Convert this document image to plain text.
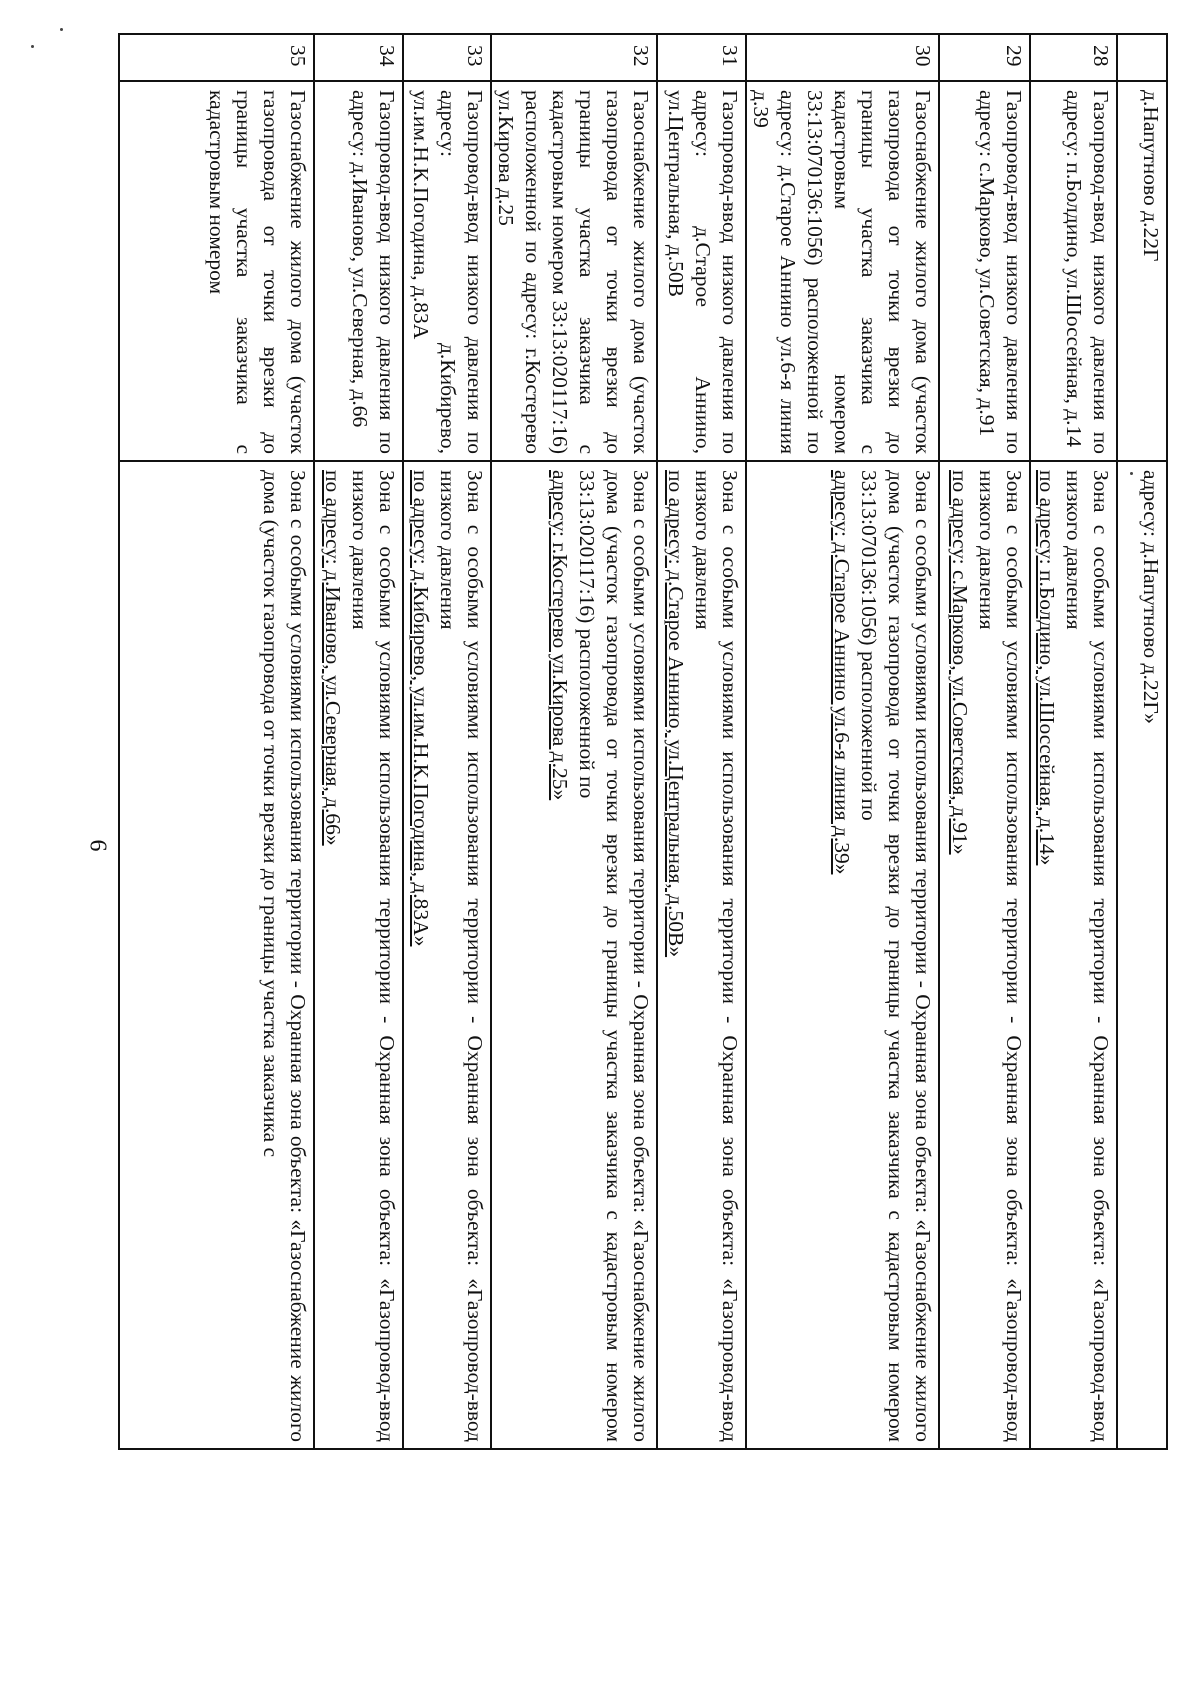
6
	д.Напутново д.22Г	адресу: д.Напутново д.22Г»
28	Газопровод-ввод низкого давления по адресу: п.Болдино, ул.Шоссейная, д.14	Зона с особыми условиями использования территории - Охранная зона объекта: «Газопровод-ввод низкого давления
по адресу: п.Болдино, ул.Шоссейная, д.14»
29	Газопровод-ввод низкого давления по адресу: с.Марково, ул.Советская, д.91	Зона с особыми условиями использования территории - Охранная зона объекта: «Газопровод-ввод низкого давления
по адресу: с.Марково, ул.Советская, д.91»
30	Газоснабжение жилого дома (участок газопровода от точки врезки до границы участка заказчика с кадастровым номером 33:13:070136:1056) расположенной по адресу: д.Старое Аннино ул.6-я линия д.39	Зона с особыми условиями использования территории - Охранная зона объекта: «Газоснабжение жилого дома (участок газопровода от точки врезки до границы участка заказчика с кадастровым номером 33:13:070136:1056) расположенной по
адресу: д.Старое Аннино ул.6-я линия д.39»
31	Газопровод-ввод низкого давления по адресу: д.Старое Аннино, ул.Центральная, д.50В	Зона с особыми условиями использования территории - Охранная зона объекта: «Газопровод-ввод низкого давления
по адресу: д.Старое Аннино, ул.Центральная, д.50В»
32	Газоснабжение жилого дома (участок газопровода от точки врезки до границы участка заказчика с кадастровым номером 33:13:020117:16) расположенной по адресу: г.Костерево ул.Кирова д.25	Зона с особыми условиями использования территории - Охранная зона объекта: «Газоснабжение жилого дома (участок газопровода от точки врезки до границы участка заказчика с кадастровым номером 33:13:020117:16) расположенной по
адресу: г.Костерево ул.Кирова д.25»
33	Газопровод-ввод низкого давления по адресу: д.Кибирево, ул.им.Н.К.Погодина, д.83А	Зона с особыми условиями использования территории - Охранная зона объекта: «Газопровод-ввод низкого давления
по адресу: д.Кибирево, ул.им.Н.К.Погодина, д.83А»
34	Газопровод-ввод низкого давления по адресу: д.Иваново, ул.Северная, д.66	Зона с особыми условиями использования территории - Охранная зона объекта: «Газопровод-ввод низкого давления
по адресу: д.Иваново, ул.Северная, д.66»
35	Газоснабжение жилого дома (участок газопровода от точки врезки до границы участка заказчика с кадастровым номером	Зона с особыми условиями использования территории - Охранная зона объекта: «Газоснабжение жилого дома (участок газопровода от точки врезки до границы участка заказчика с
